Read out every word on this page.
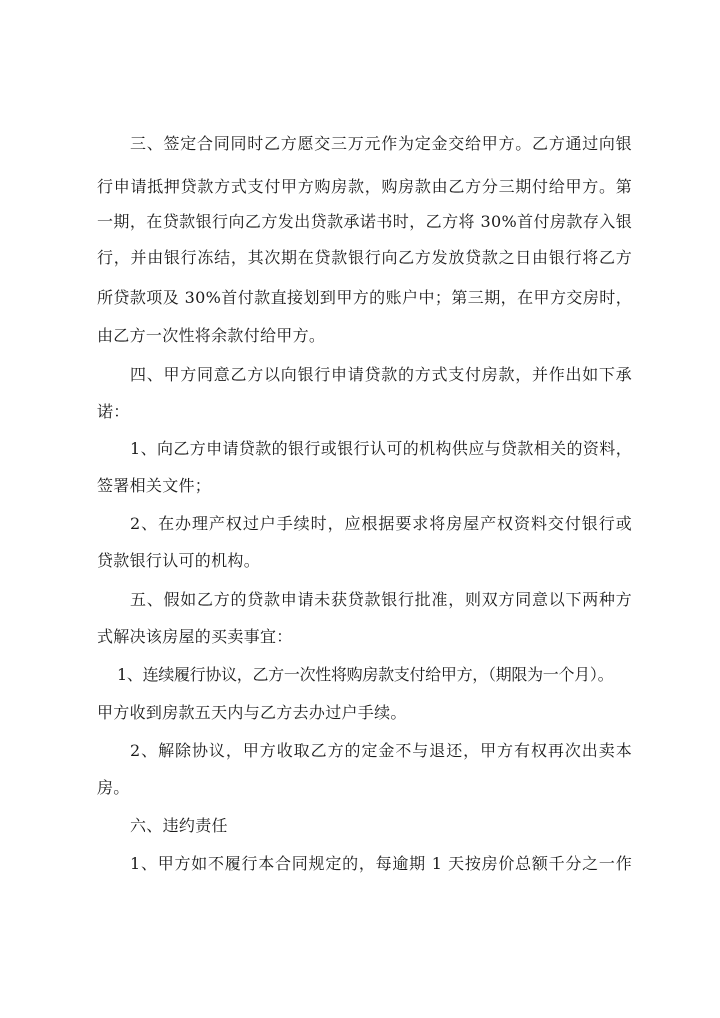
三、签定合同同时乙方愿交三万元作为定金交给甲方。乙方通过向银
行申请抵押贷款方式支付甲方购房款，购房款由乙方分三期付给甲方。第
一期，在贷款银行向乙方发出贷款承诺书时，乙方将 30%首付房款存入银
行，并由银行冻结，其次期在贷款银行向乙方发放贷款之日由银行将乙方
所贷款项及 30%首付款直接划到甲方的账户中；第三期，在甲方交房时，
由乙方一次性将余款付给甲方。
四、甲方同意乙方以向银行申请贷款的方式支付房款，并作出如下承
诺：
1、向乙方申请贷款的银行或银行认可的机构供应与贷款相关的资料，
签署相关文件；
2、在办理产权过户手续时，应根据要求将房屋产权资料交付银行或
贷款银行认可的机构。
五、假如乙方的贷款申请未获贷款银行批准，则双方同意以下两种方
式解决该房屋的买卖事宜：
1、连续履行协议，乙方一次性将购房款支付给甲方，（期限为一个月）。
甲方收到房款五天内与乙方去办过户手续。
2、解除协议，甲方收取乙方的定金不与退还，甲方有权再次出卖本
房。
六、违约责任
1、甲方如不履行本合同规定的，每逾期 1 天按房价总额千分之一作
